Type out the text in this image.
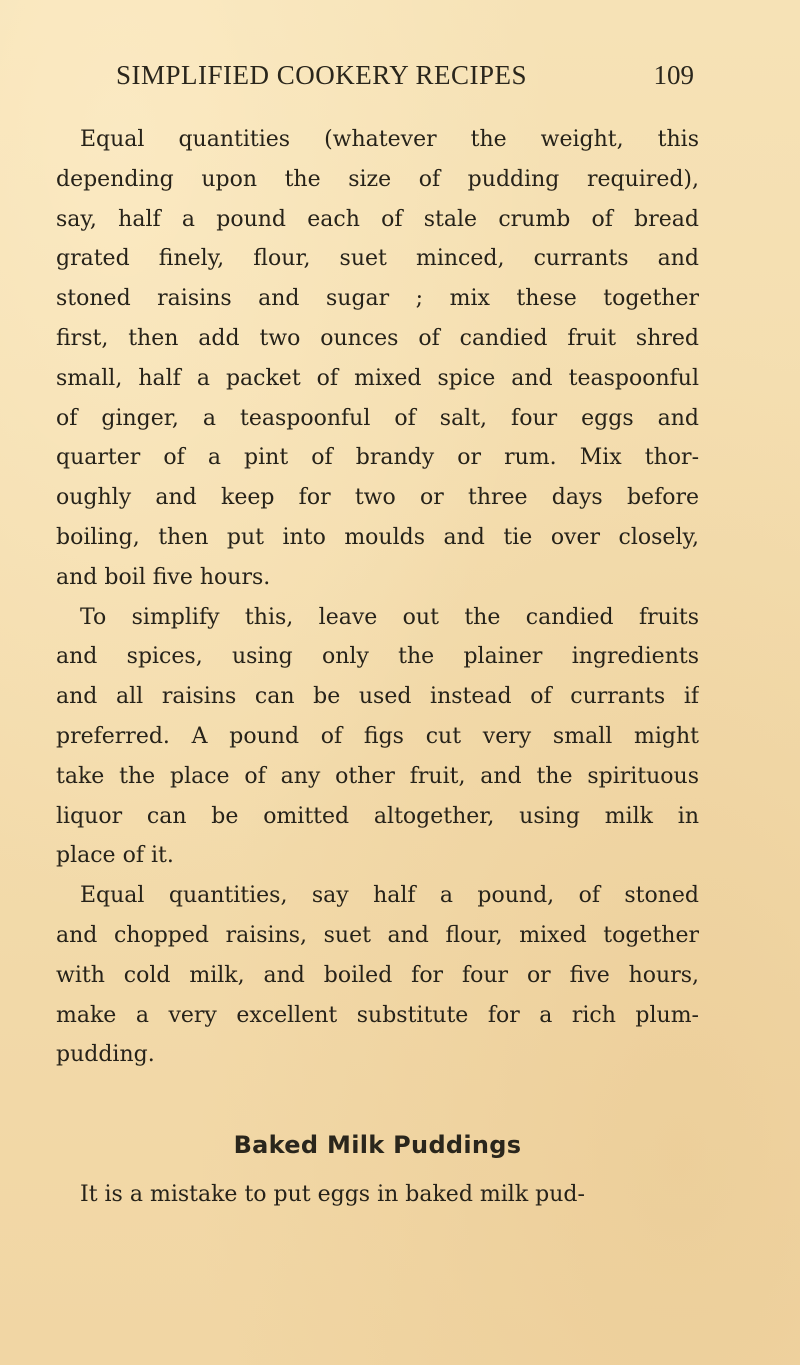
SIMPLIFIED COOKERY RECIPES	109
Equal quantities (whatever the weight, this
depending upon the size of pudding required),
say, half a pound each of stale crumb of bread
grated finely, flour, suet minced, currants and
stoned raisins and sugar ; mix these together
first, then add two ounces of candied fruit shred
small, half a packet of mixed spice and teaspoonful
of ginger, a teaspoonful of salt, four eggs and
quarter of a pint of brandy or rum. Mix thor-
oughly and keep for two or three days before
boiling, then put into moulds and tie over closely,
and boil five hours.
To simplify this, leave out the candied fruits
and spices, using only the plainer ingredients
and all raisins can be used instead of currants if
preferred. A pound of figs cut very small might
take the place of any other fruit, and the spirituous
liquor can be omitted altogether, using milk in
place of it.
Equal quantities, say half a pound, of stoned
and chopped raisins, suet and flour, mixed together
with cold milk, and boiled for four or five hours,
make a very excellent substitute for a rich plum-
pudding.
Baked Milk Puddings
It is a mistake to put eggs in baked milk pud-
